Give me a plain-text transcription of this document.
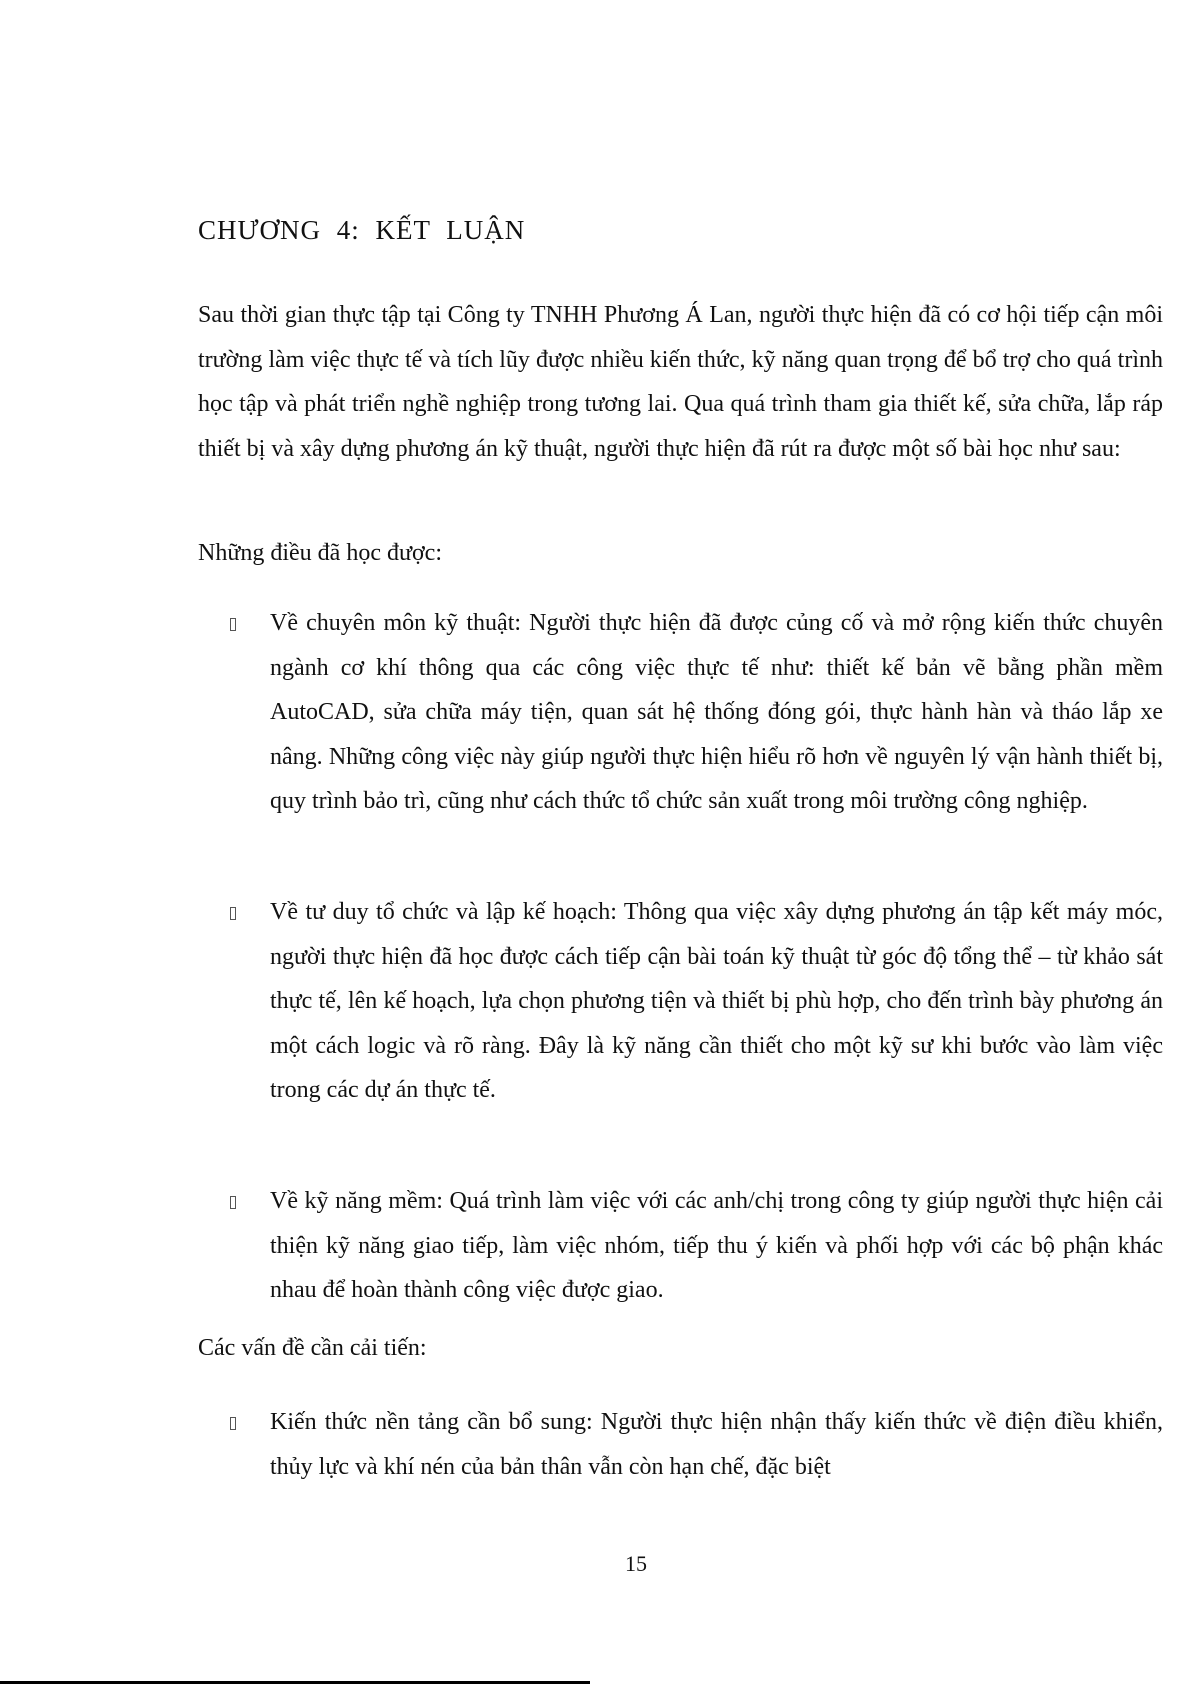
CHƯƠNG 4: KẾT LUẬN

Sau thời gian thực tập tại Công ty TNHH Phương Á Lan, người thực hiện đã có cơ hội tiếp cận môi trường làm việc thực tế và tích lũy được nhiều kiến thức, kỹ năng quan trọng để bổ trợ cho quá trình học tập và phát triển nghề nghiệp trong tương lai. Qua quá trình tham gia thiết kế, sửa chữa, lắp ráp thiết bị và xây dựng phương án kỹ thuật, người thực hiện đã rút ra được một số bài học như sau:

Những điều đã học được:

Về chuyên môn kỹ thuật: Người thực hiện đã được củng cố và mở rộng kiến thức chuyên ngành cơ khí thông qua các công việc thực tế như: thiết kế bản vẽ bằng phần mềm AutoCAD, sửa chữa máy tiện, quan sát hệ thống đóng gói, thực hành hàn và tháo lắp xe nâng. Những công việc này giúp người thực hiện hiểu rõ hơn về nguyên lý vận hành thiết bị, quy trình bảo trì, cũng như cách thức tổ chức sản xuất trong môi trường công nghiệp.

Về tư duy tổ chức và lập kế hoạch: Thông qua việc xây dựng phương án tập kết máy móc, người thực hiện đã học được cách tiếp cận bài toán kỹ thuật từ góc độ tổng thể – từ khảo sát thực tế, lên kế hoạch, lựa chọn phương tiện và thiết bị phù hợp, cho đến trình bày phương án một cách logic và rõ ràng. Đây là kỹ năng cần thiết cho một kỹ sư khi bước vào làm việc trong các dự án thực tế.

Về kỹ năng mềm: Quá trình làm việc với các anh/chị trong công ty giúp người thực hiện cải thiện kỹ năng giao tiếp, làm việc nhóm, tiếp thu ý kiến và phối hợp với các bộ phận khác nhau để hoàn thành công việc được giao.

Các vấn đề cần cải tiến:

Kiến thức nền tảng cần bổ sung: Người thực hiện nhận thấy kiến thức về điện điều khiển, thủy lực và khí nén của bản thân vẫn còn hạn chế, đặc biệt

15
